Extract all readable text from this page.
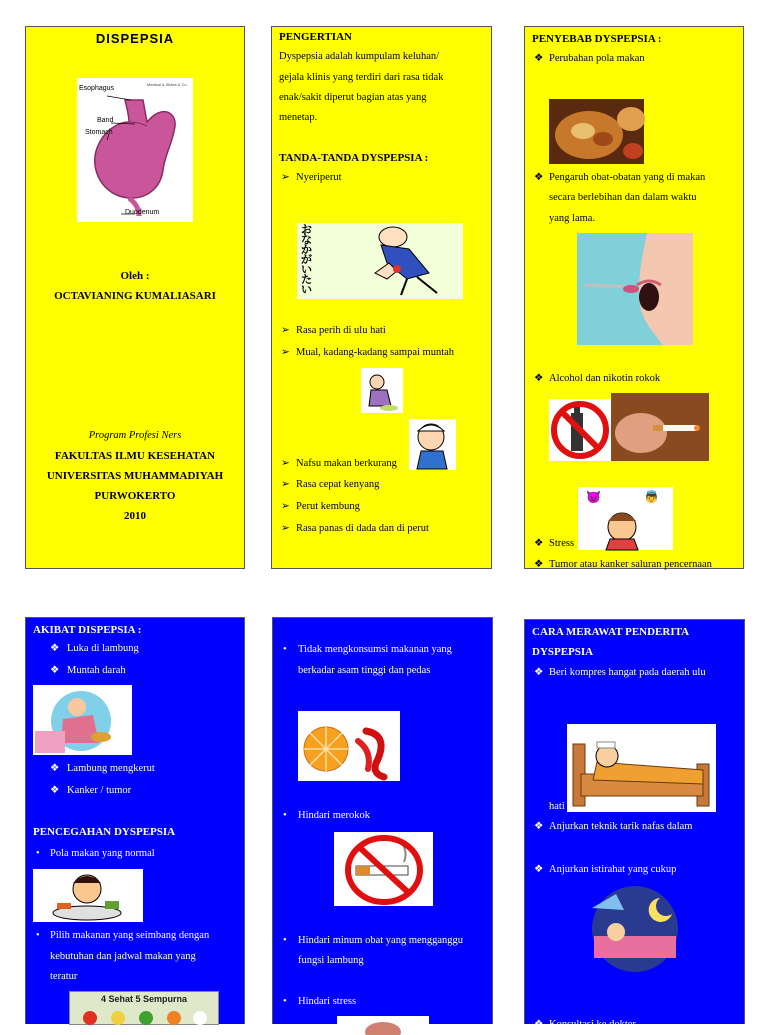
DISPEPSIA
Esophagus
Band
Stomach
Duodenum
Medical & Slides & Co.
Oleh :
OCTAVIANING KUMALIASARI
Program Profesi Ners
FAKULTAS ILMU KESEHATAN
UNIVERSITAS MUHAMMADIYAH
PURWOKERTO
2010
PENGERTIAN
Dyspepsia adalah kumpulam keluhan/
gejala klinis yang terdiri dari rasa tidak
enak/sakit diperut bagian atas yang
menetap.
TANDA-TANDA DYSPEPSIA :
➢ Nyeriperut
おなかがいたい
➢ Rasa perih di ulu hati
➢ Mual, kadang-kadang sampai muntah
➢ Nafsu makan berkurang
➢ Rasa cepat kenyang
➢ Perut kembung
➢ Rasa panas di dada dan di perut
PENYEBAB DYSPEPSIA :
❖ Perubahan pola makan
❖ Pengaruh obat-obatan yang di makan
secara berlebihan dan dalam waktu
yang lama.
❖ Alcohol dan nikotin rokok
😈	👼
❖ Stress
❖ Tumor atau kanker saluran pencernaan
AKIBAT DISPEPSIA :
❖ Luka di lambung
❖ Muntah darah
❖ Lambung mengkerut
❖ Kanker / tumor
PENCEGAHAN DYSPEPSIA
• Pola makan yang normal
• Pilih makanan yang seimbang dengan
kebutuhan dan jadwal makan yang
teratur
4 Sehat 5 Sempurna
• Tidak mengkonsumsi makanan yang
berkadar asam tinggi dan pedas
• Hindari merokok
• Hindari minum obat yang mengganggu
fungsi lambung
• Hindari stress
CARA MERAWAT PENDERITA
DYSPEPSIA
❖ Beri kompres hangat pada daerah ulu
hati
❖ Anjurkan teknik tarik nafas dalam
❖ Anjurkan istirahat yang cukup
❖ Konsultasi ke dokter
